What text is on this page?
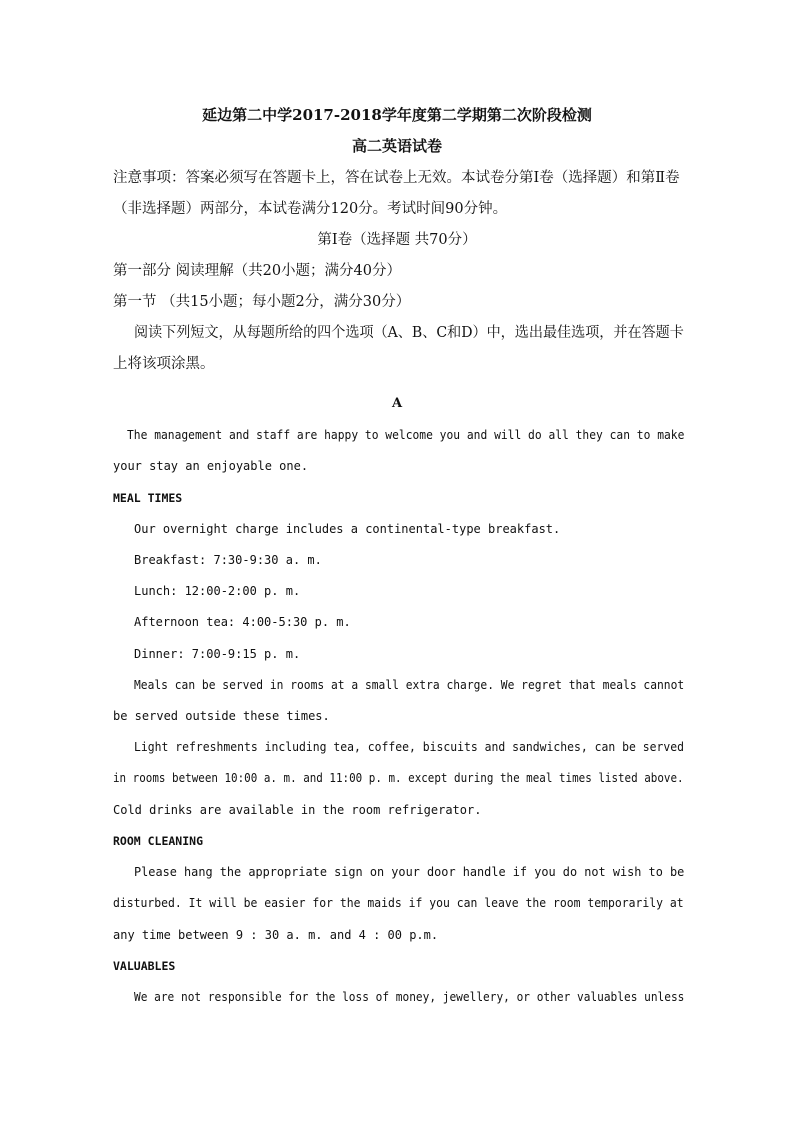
延边第二中学2017-2018学年度第二学期第二次阶段检测
高二英语试卷
注意事项：答案必须写在答题卡上，答在试卷上无效。本试卷分第Ⅰ卷（选择题）和第Ⅱ卷
（非选择题）两部分，本试卷满分120分。考试时间90分钟。
第Ⅰ卷（选择题 共70分）
第一部分 阅读理解（共20小题；满分40分）
第一节 （共15小题；每小题2分，满分30分）
阅读下列短文，从每题所给的四个选项（A、B、C和D）中，选出最佳选项，并在答题卡
上将该项涂黑。
A
The management and staff are happy to welcome you and will do all they can to make
your stay an enjoyable one.
MEAL TIMES
Our overnight charge includes a continental-type breakfast.
Breakfast: 7:30-9:30 a. m.
Lunch: 12:00-2:00 p. m.
Afternoon tea: 4:00-5:30 p. m.
Dinner: 7:00-9:15 p. m.
Meals can be served in rooms at a small extra charge. We regret that meals cannot
be served outside these times.
Light refreshments including tea, coffee, biscuits and sandwiches, can be served
in rooms between 10:00 a. m. and 11:00 p. m. except during the meal times listed above.
Cold drinks are available in the room refrigerator.
ROOM CLEANING
Please hang the appropriate sign on your door handle if you do not wish to be
disturbed. It will be easier for the maids if you can leave the room temporarily at
any time between 9 : 30 a. m. and 4 : 00 p.m.
VALUABLES
We are not responsible for the loss of money, jewellery, or other valuables unless
